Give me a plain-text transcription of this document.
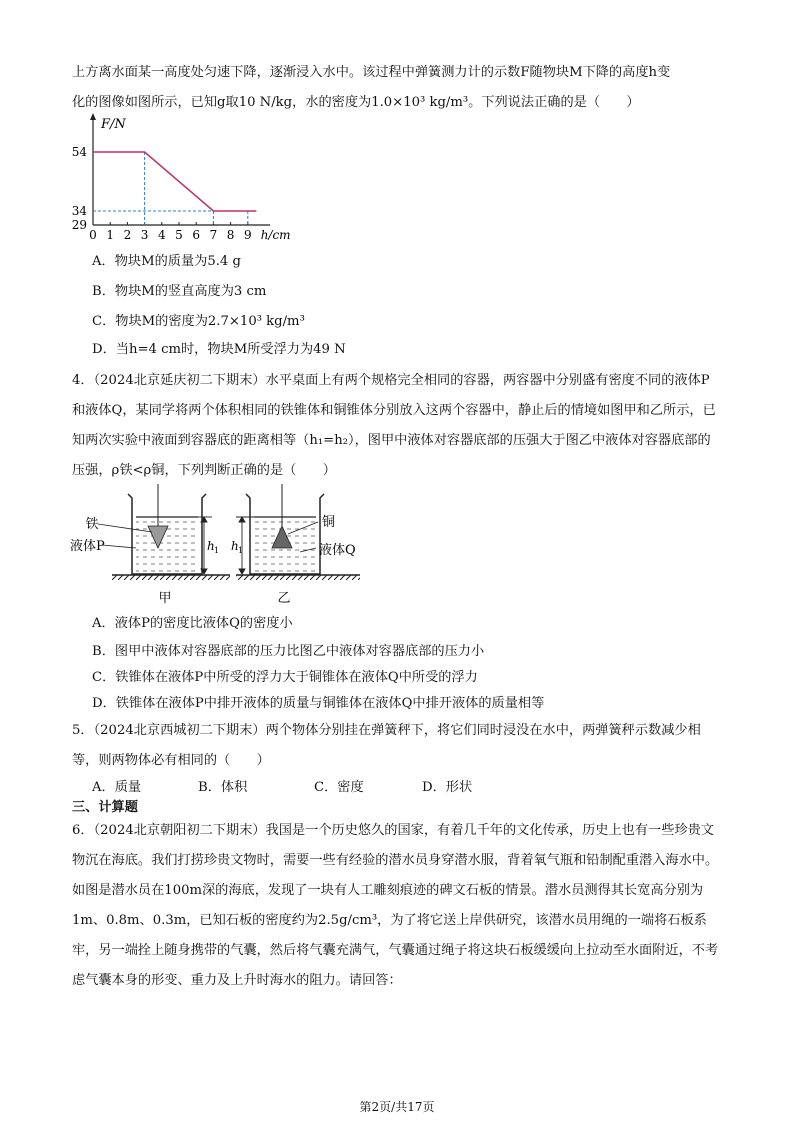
上方离水面某一高度处匀速下降，逐渐浸入水中。该过程中弹簧测力计的示数F随物块M下降的高度h变
化的图像如图所示，已知g取10 N/kg，水的密度为1.0×10³ kg/m³。下列说法正确的是（　　）
F/N
h/cm
0 1 2 3 4 5 6 7 8 9
54
34
29
A．物块M的质量为5.4 g
B．物块M的竖直高度为3 cm
C．物块M的密度为2.7×10³ kg/m³
D．当h=4 cm时，物块M所受浮力为49 N
4．（2024北京延庆初二下期末）水平桌面上有两个规格完全相同的容器，两容器中分别盛有密度不同的液体P和液体Q，某同学将两个体积相同的铁锥体和铜锥体分别放入这两个容器中，静止后的情境如图甲和乙所示，已知两次实验中液面到容器底的距离相等（h₁=h₂），图甲中液体对容器底部的压强大于图乙中液体对容器底部的压强，ρ铁<ρ铜，下列判断正确的是（　　）
铁
液体P
铜
液体Q
h 1 h 1
甲	乙
A．液体P的密度比液体Q的密度小
B．图甲中液体对容器底部的压力比图乙中液体对容器底部的压力小
C．铁锥体在液体P中所受的浮力大于铜锥体在液体Q中所受的浮力
D．铁锥体在液体P中排开液体的质量与铜锥体在液体Q中排开液体的质量相等
5．（2024北京西城初二下期末）两个物体分别挂在弹簧秤下，将它们同时浸没在水中，两弹簧秤示数减少相等，则两物体必有相同的（　　）
A．质量	B．体积	C．密度	D．形状
三、计算题
6．（2024北京朝阳初二下期末）我国是一个历史悠久的国家，有着几千年的文化传承，历史上也有一些珍贵文物沉在海底。我们打捞珍贵文物时，需要一些有经验的潜水员身穿潜水服，背着氧气瓶和铅制配重潜入海水中。如图是潜水员在100m深的海底，发现了一块有人工雕刻痕迹的碑文石板的情景。潜水员测得其长宽高分别为1m、0.8m、0.3m，已知石板的密度约为2.5g/cm³，为了将它送上岸供研究，该潜水员用绳的一端将石板系牢，另一端拴上随身携带的气囊，然后将气囊充满气，气囊通过绳子将这块石板缓缓向上拉动至水面附近，不考虑气囊本身的形变、重力及上升时海水的阻力。请回答：
第2页/共17页
